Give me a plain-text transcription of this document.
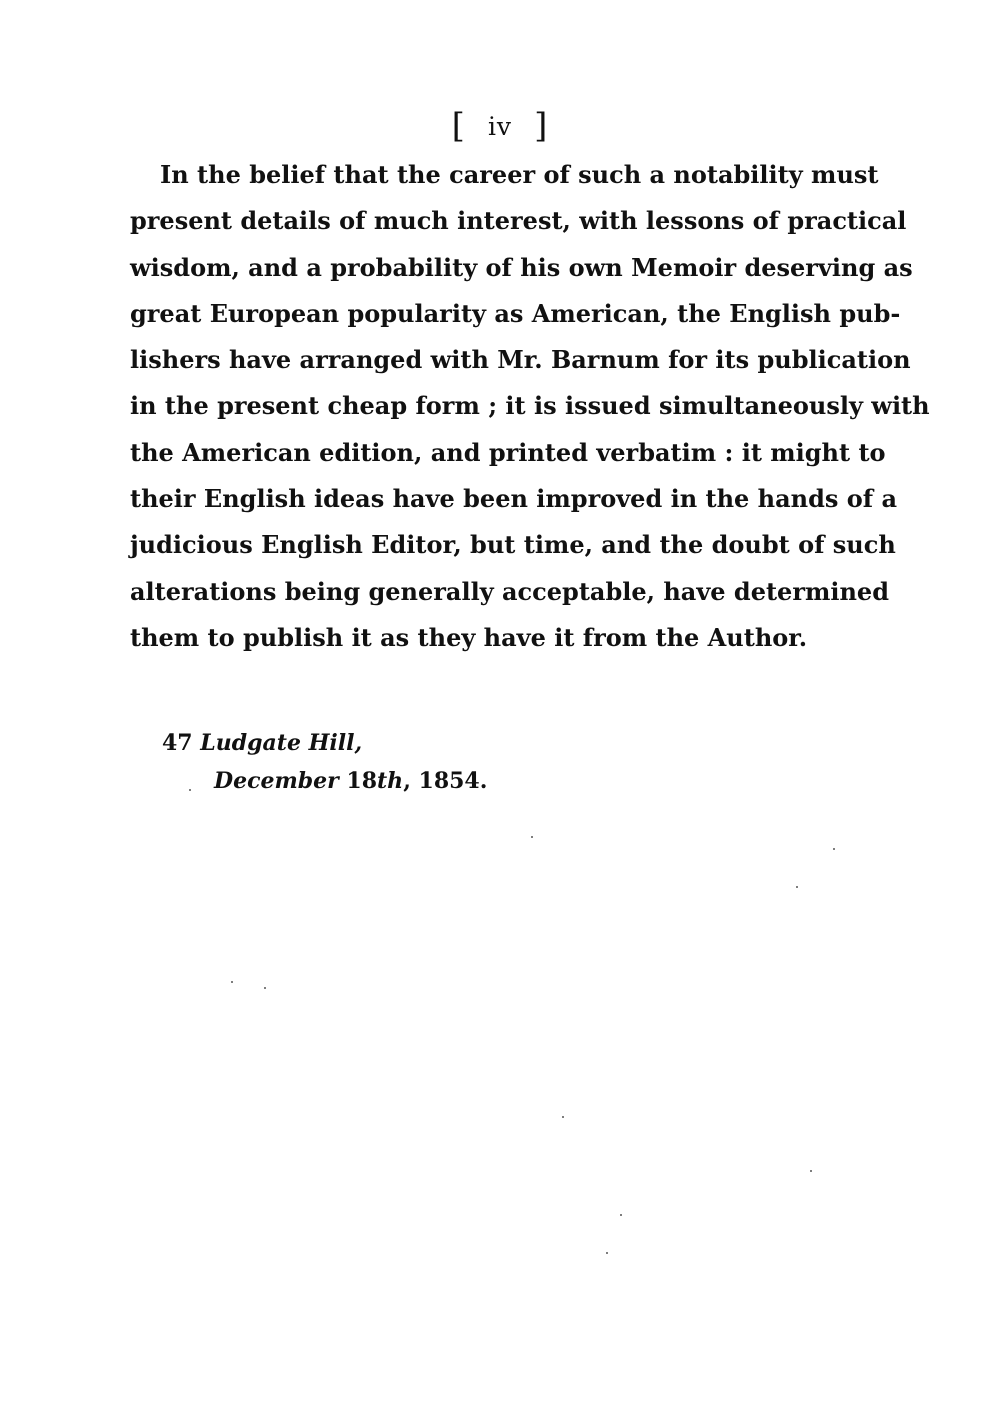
[ iv ]
In the belief that the career of such a notability must
present details of much interest, with lessons of practical
wisdom, and a probability of his own Memoir deserving as
great European popularity as American, the English pub-
lishers have arranged with Mr. Barnum for its publication
in the present cheap form ; it is issued simultaneously with
the American edition, and printed verbatim : it might to
their English ideas have been improved in the hands of a
judicious English Editor, but time, and the doubt of such
alterations being generally acceptable, have determined
them to publish it as they have it from the Author.
47 Ludgate Hill,
December 18th, 1854.
